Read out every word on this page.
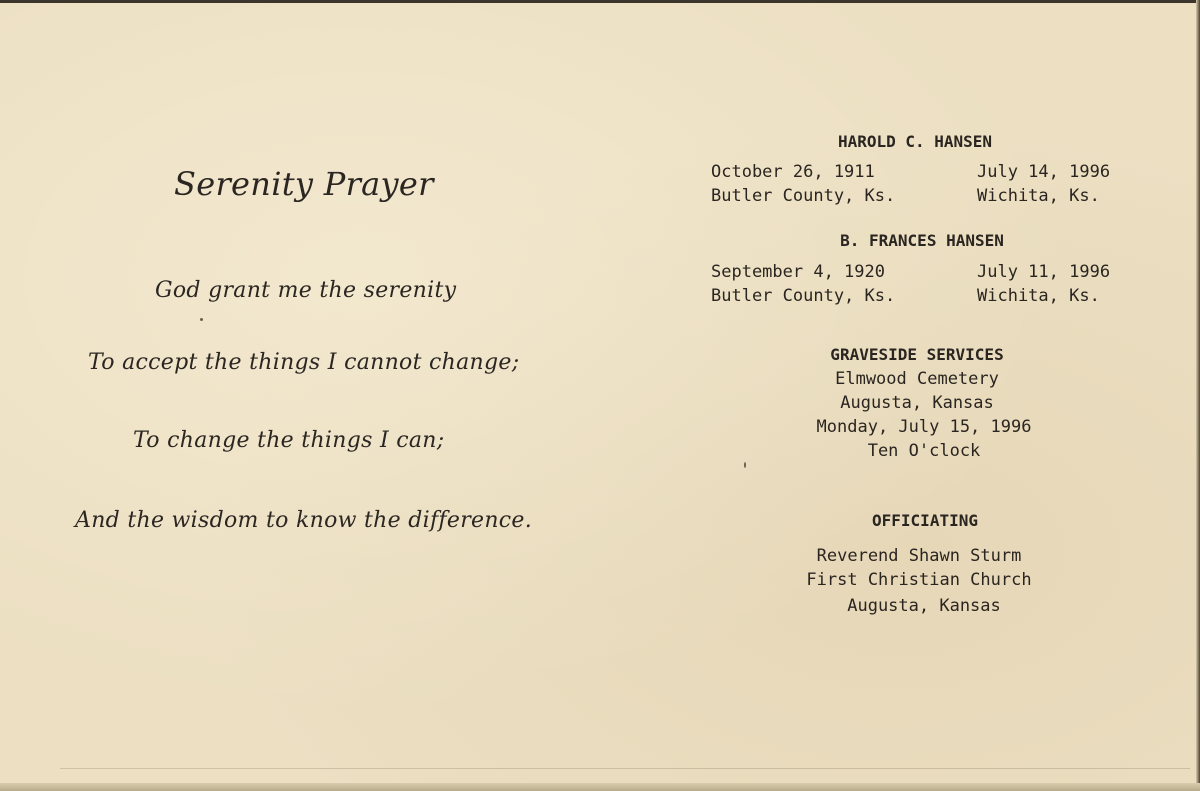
Serenity Prayer
God grant me the serenity
To accept the things I cannot change;
To change the things I can;
And the wisdom to know the difference.
HAROLD C. HANSEN
October 26, 1911	July 14, 1996
Butler County, Ks.	Wichita, Ks.
B. FRANCES HANSEN
September 4, 1920	July 11, 1996
Butler County, Ks.	Wichita, Ks.
GRAVESIDE SERVICES
Elmwood Cemetery
Augusta, Kansas
Monday, July 15, 1996
Ten O'clock
OFFICIATING
Reverend Shawn Sturm
First Christian Church
Augusta, Kansas
